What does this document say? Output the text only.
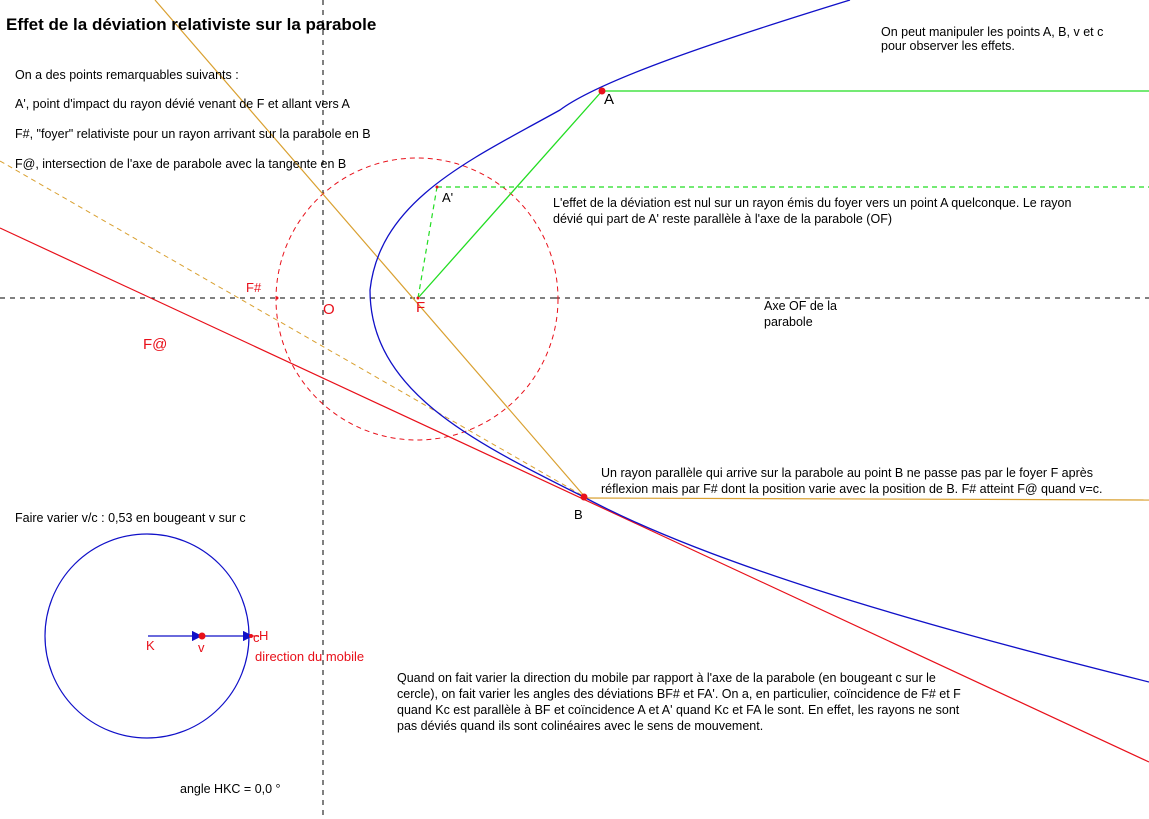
Effet de la déviation relativiste sur la parabole
On a des points remarquables suivants :
A', point d'impact du rayon dévié venant de F et allant vers A
F#, "foyer" relativiste pour un rayon arrivant sur la parabole en B
F@, intersection de l'axe de parabole avec la tangente en B
On peut manipuler les points A, B, v et c
pour observer les effets.
L'effet de la déviation est nul sur un rayon émis du foyer vers un point A quelconque. Le rayon dévié qui part de A' reste parallèle à l'axe de la parabole (OF)
Axe OF de la parabole
Un rayon parallèle qui arrive sur la parabole au point B ne passe pas par le foyer F après réflexion mais par F# dont la position varie avec la position de B. F# atteint F@ quand v=c.
Faire varier v/c : 0,53 en bougeant v sur c
Quand on fait varier la direction du mobile par rapport à l'axe de la parabole (en bougeant c sur le cercle), on fait varier les angles des déviations BF# et FA'. On a, en particulier, coïncidence de F# et F quand Kc est parallèle à BF et coïncidence A et A' quand Kc et FA le sont. En effet, les rayons ne sont pas déviés quand ils sont colinéaires avec le sens de mouvement.
angle HKC = 0,0 °
A
A'
B
F
O
F#
F@
K	v
c H
direction du mobile
